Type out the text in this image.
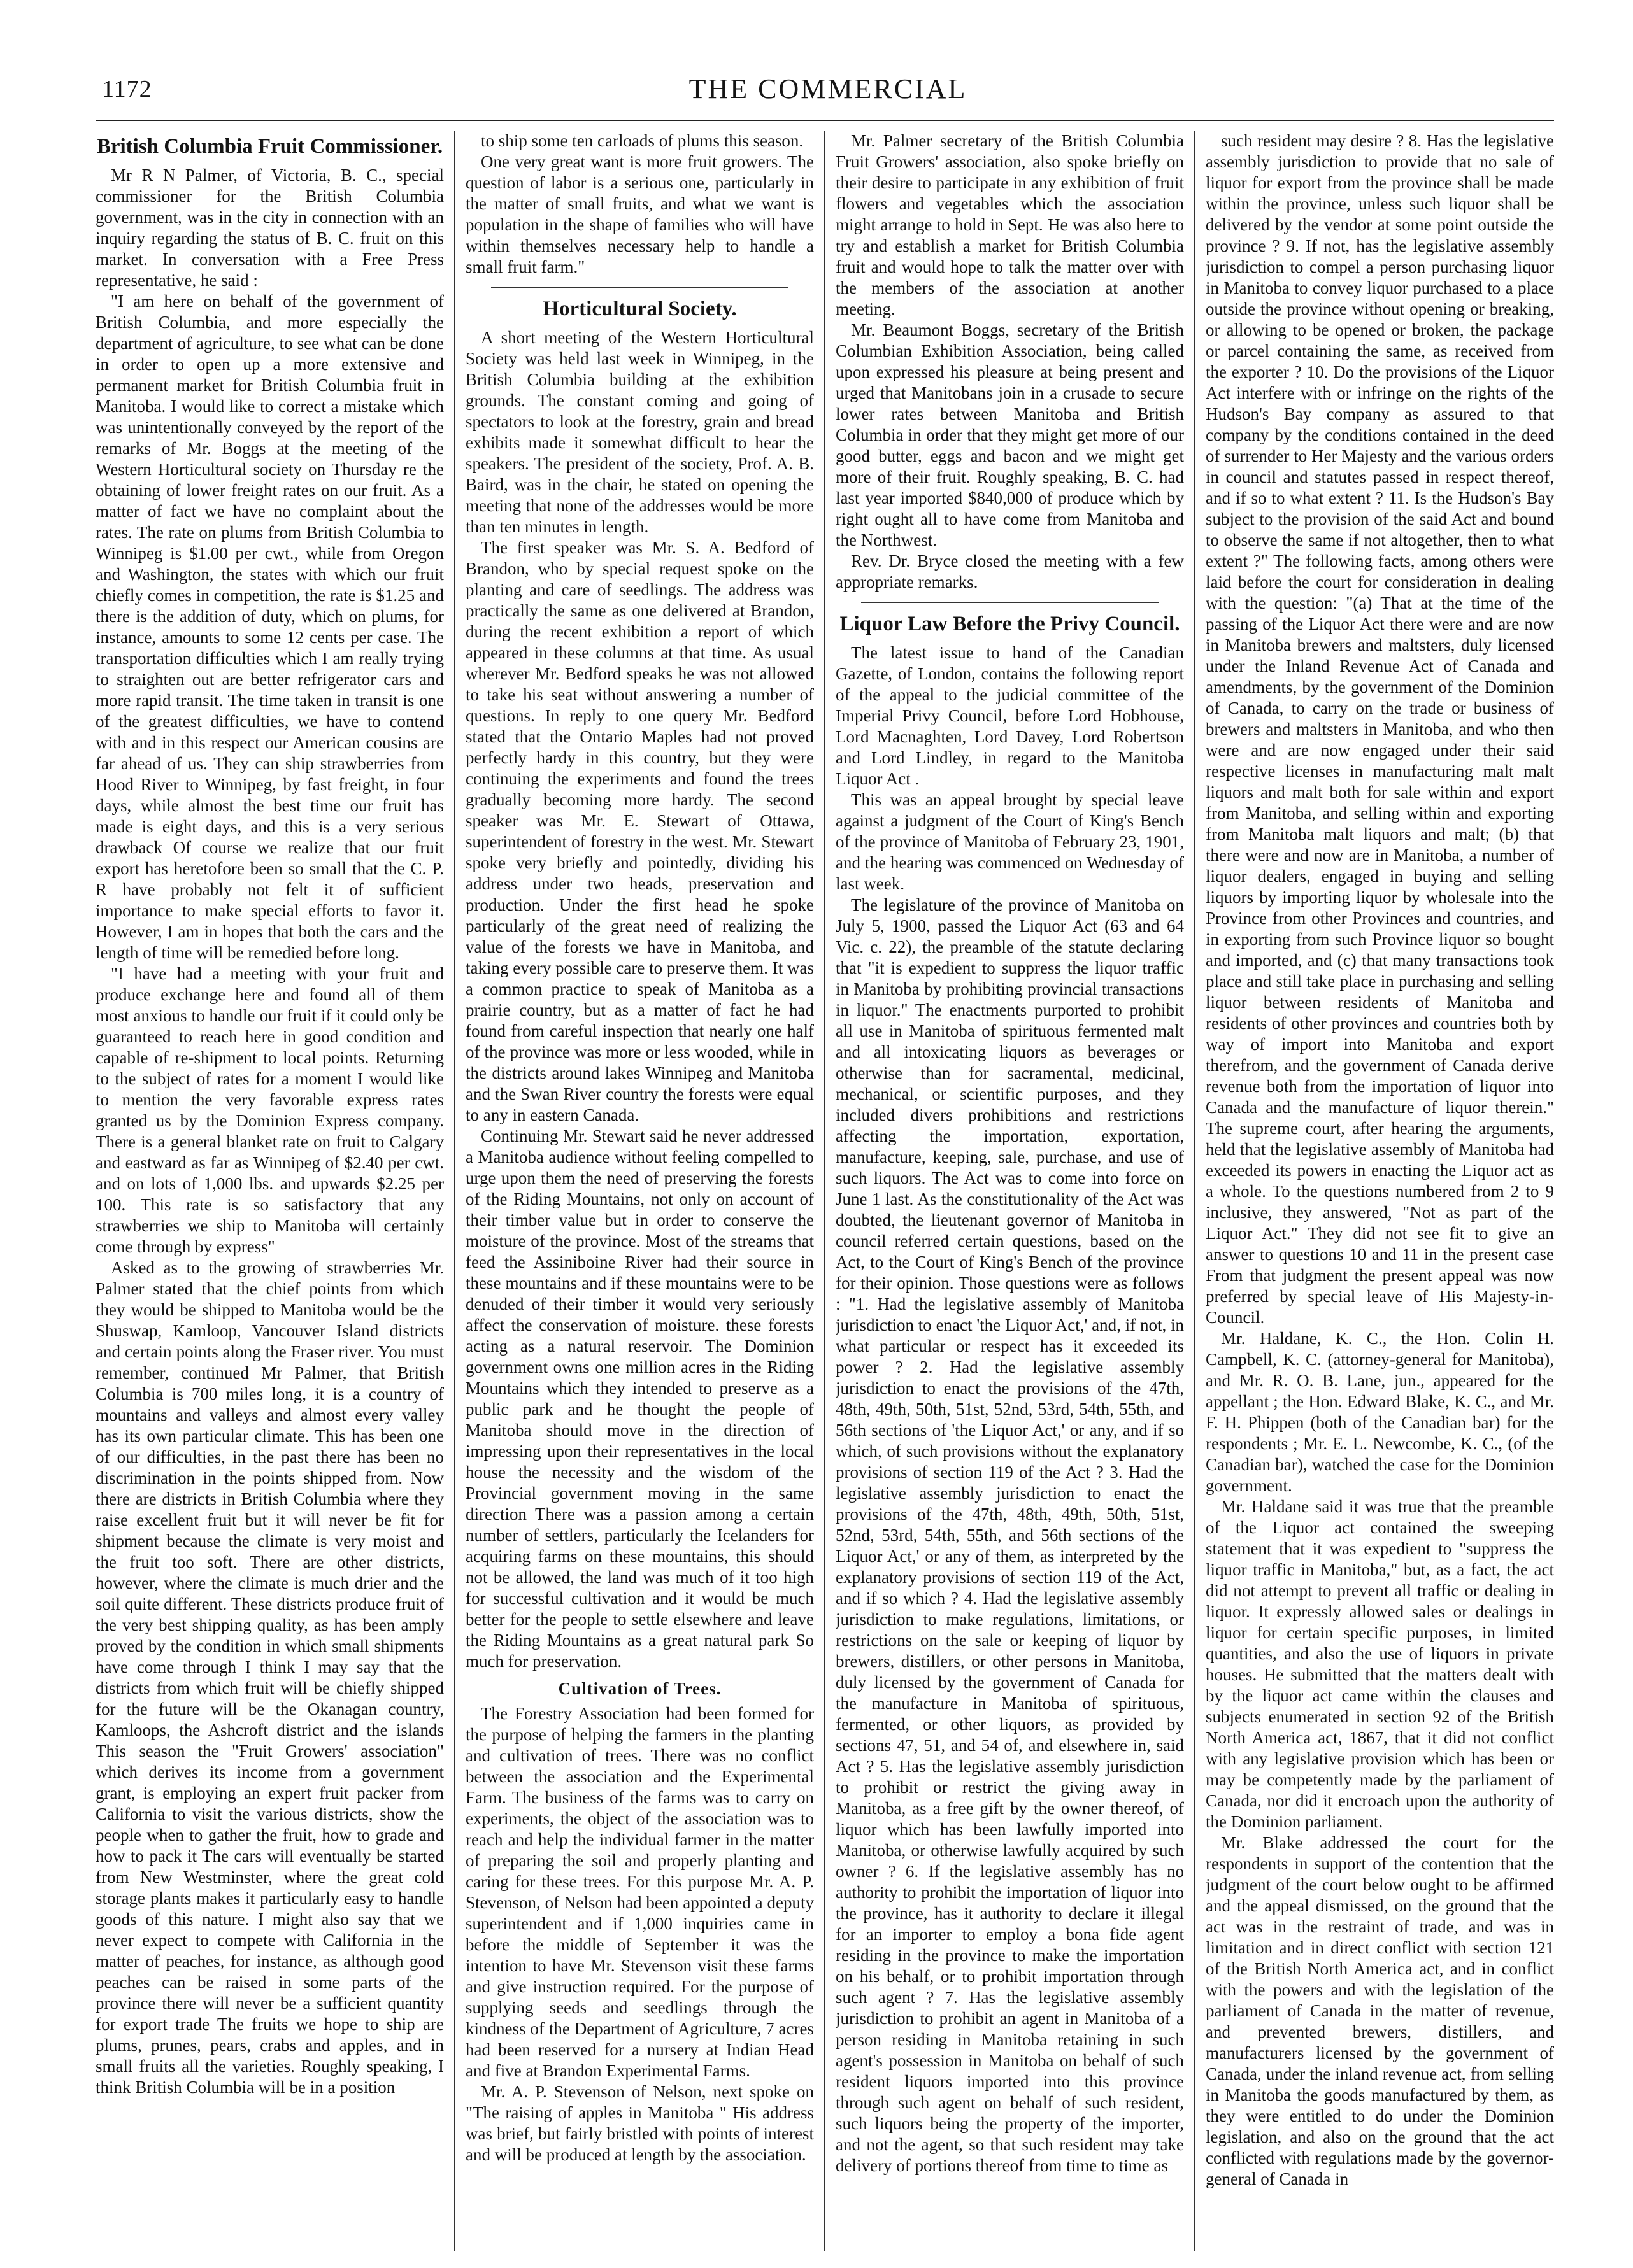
1172	THE COMMERCIAL
British Columbia Fruit Commissioner.

Mr R N Palmer, of Victoria, B. C., special commissioner for the British Columbia government, was in the city in connection with an inquiry regarding the status of B. C. fruit on this market. In conversation with a Free Press representative, he said :

"I am here on behalf of the government of British Columbia, and more especially the department of agriculture, to see what can be done in order to open up a more extensive and permanent market for British Columbia fruit in Manitoba. I would like to correct a mistake which was unintentionally conveyed by the report of the remarks of Mr. Boggs at the meeting of the Western Horticultural society on Thursday re the obtaining of lower freight rates on our fruit. As a matter of fact we have no complaint about the rates. The rate on plums from British Columbia to Winnipeg is $1.00 per cwt., while from Oregon and Washington, the states with which our fruit chiefly comes in competition, the rate is $1.25 and there is the addition of duty, which on plums, for instance, amounts to some 12 cents per case. The transportation difficulties which I am really trying to straighten out are better refrigerator cars and more rapid transit. The time taken in transit is one of the greatest difficulties, we have to contend with and in this respect our American cousins are far ahead of us. They can ship strawberries from Hood River to Winnipeg, by fast freight, in four days, while almost the best time our fruit has made is eight days, and this is a very serious drawback Of course we realize that our fruit export has heretofore been so small that the C. P. R have probably not felt it of sufficient importance to make special efforts to favor it. However, I am in hopes that both the cars and the length of time will be remedied before long.

"I have had a meeting with your fruit and produce exchange here and found all of them most anxious to handle our fruit if it could only be guaranteed to reach here in good condition and capable of re-shipment to local points. Returning to the subject of rates for a moment I would like to mention the very favorable express rates granted us by the Dominion Express company. There is a general blanket rate on fruit to Calgary and eastward as far as Winnipeg of $2.40 per cwt. and on lots of 1,000 lbs. and upwards $2.25 per 100. This rate is so satisfactory that any strawberries we ship to Manitoba will certainly come through by express"

Asked as to the growing of strawberries Mr. Palmer stated that the chief points from which they would be shipped to Manitoba would be the Shuswap, Kamloop, Vancouver Island districts and certain points along the Fraser river. You must remember, continued Mr Palmer, that British Columbia is 700 miles long, it is a country of mountains and valleys and almost every valley has its own particular climate. This has been one of our difficulties, in the past there has been no discrimination in the points shipped from. Now there are districts in British Columbia where they raise excellent fruit but it will never be fit for shipment because the climate is very moist and the fruit too soft. There are other districts, however, where the climate is much drier and the soil quite different. These districts produce fruit of the very best shipping quality, as has been amply proved by the condition in which small shipments have come through I think I may say that the districts from which fruit will be chiefly shipped for the future will be the Okanagan country, Kamloops, the Ashcroft district and the islands This season the "Fruit Growers' association" which derives its income from a government grant, is employing an expert fruit packer from California to visit the various districts, show the people when to gather the fruit, how to grade and how to pack it The cars will eventually be started from New Westminster, where the great cold storage plants makes it particularly easy to handle goods of this nature. I might also say that we never expect to compete with California in the matter of peaches, for instance, as although good peaches can be raised in some parts of the province there will never be a sufficient quantity for export trade The fruits we hope to ship are plums, prunes, pears, crabs and apples, and in small fruits all the varieties. Roughly speaking, I think British Columbia will be in a position

to ship some ten carloads of plums this season.

One very great want is more fruit growers. The question of labor is a serious one, particularly in the matter of small fruits, and what we want is population in the shape of families who will have within themselves necessary help to handle a small fruit farm."

Horticultural Society.

A short meeting of the Western Horticultural Society was held last week in Winnipeg, in the British Columbia building at the exhibition grounds. The constant coming and going of spectators to look at the forestry, grain and bread exhibits made it somewhat difficult to hear the speakers. The president of the society, Prof. A. B. Baird, was in the chair, he stated on opening the meeting that none of the addresses would be more than ten minutes in length.

The first speaker was Mr. S. A. Bedford of Brandon, who by special request spoke on the planting and care of seedlings. The address was practically the same as one delivered at Brandon, during the recent exhibition a report of which appeared in these columns at that time. As usual wherever Mr. Bedford speaks he was not allowed to take his seat without answering a number of questions. In reply to one query Mr. Bedford stated that the Ontario Maples had not proved perfectly hardy in this country, but they were continuing the experiments and found the trees gradually becoming more hardy. The second speaker was Mr. E. Stewart of Ottawa, superintendent of forestry in the west. Mr. Stewart spoke very briefly and pointedly, dividing his address under two heads, preservation and production. Under the first head he spoke particularly of the great need of realizing the value of the forests we have in Manitoba, and taking every possible care to preserve them. It was a common practice to speak of Manitoba as a prairie country, but as a matter of fact he had found from careful inspection that nearly one half of the province was more or less wooded, while in the districts around lakes Winnipeg and Manitoba and the Swan River country the forests were equal to any in eastern Canada.

Continuing Mr. Stewart said he never addressed a Manitoba audience without feeling compelled to urge upon them the need of preserving the forests of the Riding Mountains, not only on account of their timber value but in order to conserve the moisture of the province. Most of the streams that feed the Assiniboine River had their source in these mountains and if these mountains were to be denuded of their timber it would very seriously affect the conservation of moisture. these forests acting as a natural reservoir. The Dominion government owns one million acres in the Riding Mountains which they intended to preserve as a public park and he thought the people of Manitoba should move in the direction of impressing upon their representatives in the local house the necessity and the wisdom of the Provincial government moving in the same direction There was a passion among a certain number of settlers, particularly the Icelanders for acquiring farms on these mountains, this should not be allowed, the land was much of it too high for successful cultivation and it would be much better for the people to settle elsewhere and leave the Riding Mountains as a great natural park So much for preservation.

Cultivation of Trees.

The Forestry Association had been formed for the purpose of helping the farmers in the planting and cultivation of trees. There was no conflict between the association and the Experimental Farm. The business of the farms was to carry on experiments, the object of the association was to reach and help the individual farmer in the matter of preparing the soil and properly planting and caring for these trees. For this purpose Mr. A. P. Stevenson, of Nelson had been appointed a deputy superintendent and if 1,000 inquiries came in before the middle of September it was the intention to have Mr. Stevenson visit these farms and give instruction required. For the purpose of supplying seeds and seedlings through the kindness of the Department of Agriculture, 7 acres had been reserved for a nursery at Indian Head and five at Brandon Experimental Farms.

Mr. A. P. Stevenson of Nelson, next spoke on "The raising of apples in Manitoba " His address was brief, but fairly bristled with points of interest and will be produced at length by the association.

Mr. Palmer secretary of the British Columbia Fruit Growers' association, also spoke briefly on their desire to participate in any exhibition of fruit flowers and vegetables which the association might arrange to hold in Sept. He was also here to try and establish a market for British Columbia fruit and would hope to talk the matter over with the members of the association at another meeting.

Mr. Beaumont Boggs, secretary of the British Columbian Exhibition Association, being called upon expressed his pleasure at being present and urged that Manitobans join in a crusade to secure lower rates between Manitoba and British Columbia in order that they might get more of our good butter, eggs and bacon and we might get more of their fruit. Roughly speaking, B. C. had last year imported $840,000 of produce which by right ought all to have come from Manitoba and the Northwest.

Rev. Dr. Bryce closed the meeting with a few appropriate remarks.

Liquor Law Before the Privy Council.

The latest issue to hand of the Canadian Gazette, of London, contains the following report of the appeal to the judicial committee of the Imperial Privy Council, before Lord Hobhouse, Lord Macnaghten, Lord Davey, Lord Robertson and Lord Lindley, in regard to the Manitoba Liquor Act .

This was an appeal brought by special leave against a judgment of the Court of King's Bench of the province of Manitoba of February 23, 1901, and the hearing was commenced on Wednesday of last week.

The legislature of the province of Manitoba on July 5, 1900, passed the Liquor Act (63 and 64 Vic. c. 22), the preamble of the statute declaring that "it is expedient to suppress the liquor traffic in Manitoba by prohibiting provincial transactions in liquor." The enactments purported to prohibit all use in Manitoba of spirituous fermented malt and all intoxicating liquors as beverages or otherwise than for sacramental, medicinal, mechanical, or scientific purposes, and they included divers prohibitions and restrictions affecting the importation, exportation, manufacture, keeping, sale, purchase, and use of such liquors. The Act was to come into force on June 1 last. As the constitutionality of the Act was doubted, the lieutenant governor of Manitoba in council referred certain questions, based on the Act, to the Court of King's Bench of the province for their opinion. Those questions were as follows : "1. Had the legislative assembly of Manitoba jurisdiction to enact 'the Liquor Act,' and, if not, in what particular or respect has it exceeded its power ? 2. Had the legislative assembly jurisdiction to enact the provisions of the 47th, 48th, 49th, 50th, 51st, 52nd, 53rd, 54th, 55th, and 56th sections of 'the Liquor Act,' or any, and if so which, of such provisions without the explanatory provisions of section 119 of the Act ? 3. Had the legislative assembly jurisdiction to enact the provisions of the 47th, 48th, 49th, 50th, 51st, 52nd, 53rd, 54th, 55th, and 56th sections of the Liquor Act,' or any of them, as interpreted by the explanatory provisions of section 119 of the Act, and if so which ? 4. Had the legislative assembly jurisdiction to make regulations, limitations, or restrictions on the sale or keeping of liquor by brewers, distillers, or other persons in Manitoba, duly licensed by the government of Canada for the manufacture in Manitoba of spirituous, fermented, or other liquors, as provided by sections 47, 51, and 54 of, and elsewhere in, said Act ? 5. Has the legislative assembly jurisdiction to prohibit or restrict the giving away in Manitoba, as a free gift by the owner thereof, of liquor which has been lawfully imported into Manitoba, or otherwise lawfully acquired by such owner ? 6. If the legislative assembly has no authority to prohibit the importation of liquor into the province, has it authority to declare it illegal for an importer to employ a bona fide agent residing in the province to make the importation on his behalf, or to prohibit importation through such agent ? 7. Has the legislative assembly jurisdiction to prohibit an agent in Manitoba of a person residing in Manitoba retaining in such agent's possession in Manitoba on behalf of such resident liquors imported into this province through such agent on behalf of such resident, such liquors being the property of the importer, and not the agent, so that such resident may take delivery of portions thereof from time to time as

such resident may desire ? 8. Has the legislative assembly jurisdiction to provide that no sale of liquor for export from the province shall be made within the province, unless such liquor shall be delivered by the vendor at some point outside the province ? 9. If not, has the legislative assembly jurisdiction to compel a person purchasing liquor in Manitoba to convey liquor purchased to a place outside the province without opening or breaking, or allowing to be opened or broken, the package or parcel containing the same, as received from the exporter ? 10. Do the provisions of the Liquor Act interfere with or infringe on the rights of the Hudson's Bay company as assured to that company by the conditions contained in the deed of surrender to Her Majesty and the various orders in council and statutes passed in respect thereof, and if so to what extent ? 11. Is the Hudson's Bay subject to the provision of the said Act and bound to observe the same if not altogether, then to what extent ?" The following facts, among others were laid before the court for consideration in dealing with the question: "(a) That at the time of the passing of the Liquor Act there were and are now in Manitoba brewers and maltsters, duly licensed under the Inland Revenue Act of Canada and amendments, by the government of the Dominion of Canada, to carry on the trade or business of brewers and maltsters in Manitoba, and who then were and are now engaged under their said respective licenses in manufacturing malt malt liquors and malt both for sale within and export from Manitoba, and selling within and exporting from Manitoba malt liquors and malt; (b) that there were and now are in Manitoba, a number of liquor dealers, engaged in buying and selling liquors by importing liquor by wholesale into the Province from other Provinces and countries, and in exporting from such Province liquor so bought and imported, and (c) that many transactions took place and still take place in purchasing and selling liquor between residents of Manitoba and residents of other provinces and countries both by way of import into Manitoba and export therefrom, and the government of Canada derive revenue both from the importation of liquor into Canada and the manufacture of liquor therein." The supreme court, after hearing the arguments, held that the legislative assembly of Manitoba had exceeded its powers in enacting the Liquor act as a whole. To the questions numbered from 2 to 9 inclusive, they answered, "Not as part of the Liquor Act." They did not see fit to give an answer to questions 10 and 11 in the present case From that judgment the present appeal was now preferred by special leave of His Majesty-in-Council.

Mr. Haldane, K. C., the Hon. Colin H. Campbell, K. C. (attorney-general for Manitoba), and Mr. R. O. B. Lane, jun., appeared for the appellant ; the Hon. Edward Blake, K. C., and Mr. F. H. Phippen (both of the Canadian bar) for the respondents ; Mr. E. L. Newcombe, K. C., (of the Canadian bar), watched the case for the Dominion government.

Mr. Haldane said it was true that the preamble of the Liquor act contained the sweeping statement that it was expedient to "suppress the liquor traffic in Manitoba," but, as a fact, the act did not attempt to prevent all traffic or dealing in liquor. It expressly allowed sales or dealings in liquor for certain specific purposes, in limited quantities, and also the use of liquors in private houses. He submitted that the matters dealt with by the liquor act came within the clauses and subjects enumerated in section 92 of the British North America act, 1867, that it did not conflict with any legislative provision which has been or may be competently made by the parliament of Canada, nor did it encroach upon the authority of the Dominion parliament.

Mr. Blake addressed the court for the respondents in support of the contention that the judgment of the court below ought to be affirmed and the appeal dismissed, on the ground that the act was in the restraint of trade, and was in limitation and in direct conflict with section 121 of the British North America act, and in conflict with the powers and with the legislation of the parliament of Canada in the matter of revenue, and prevented brewers, distillers, and manufacturers licensed by the government of Canada, under the inland revenue act, from selling in Manitoba the goods manufactured by them, as they were entitled to do under the Dominion legislation, and also on the ground that the act conflicted with regulations made by the governor-general of Canada in
